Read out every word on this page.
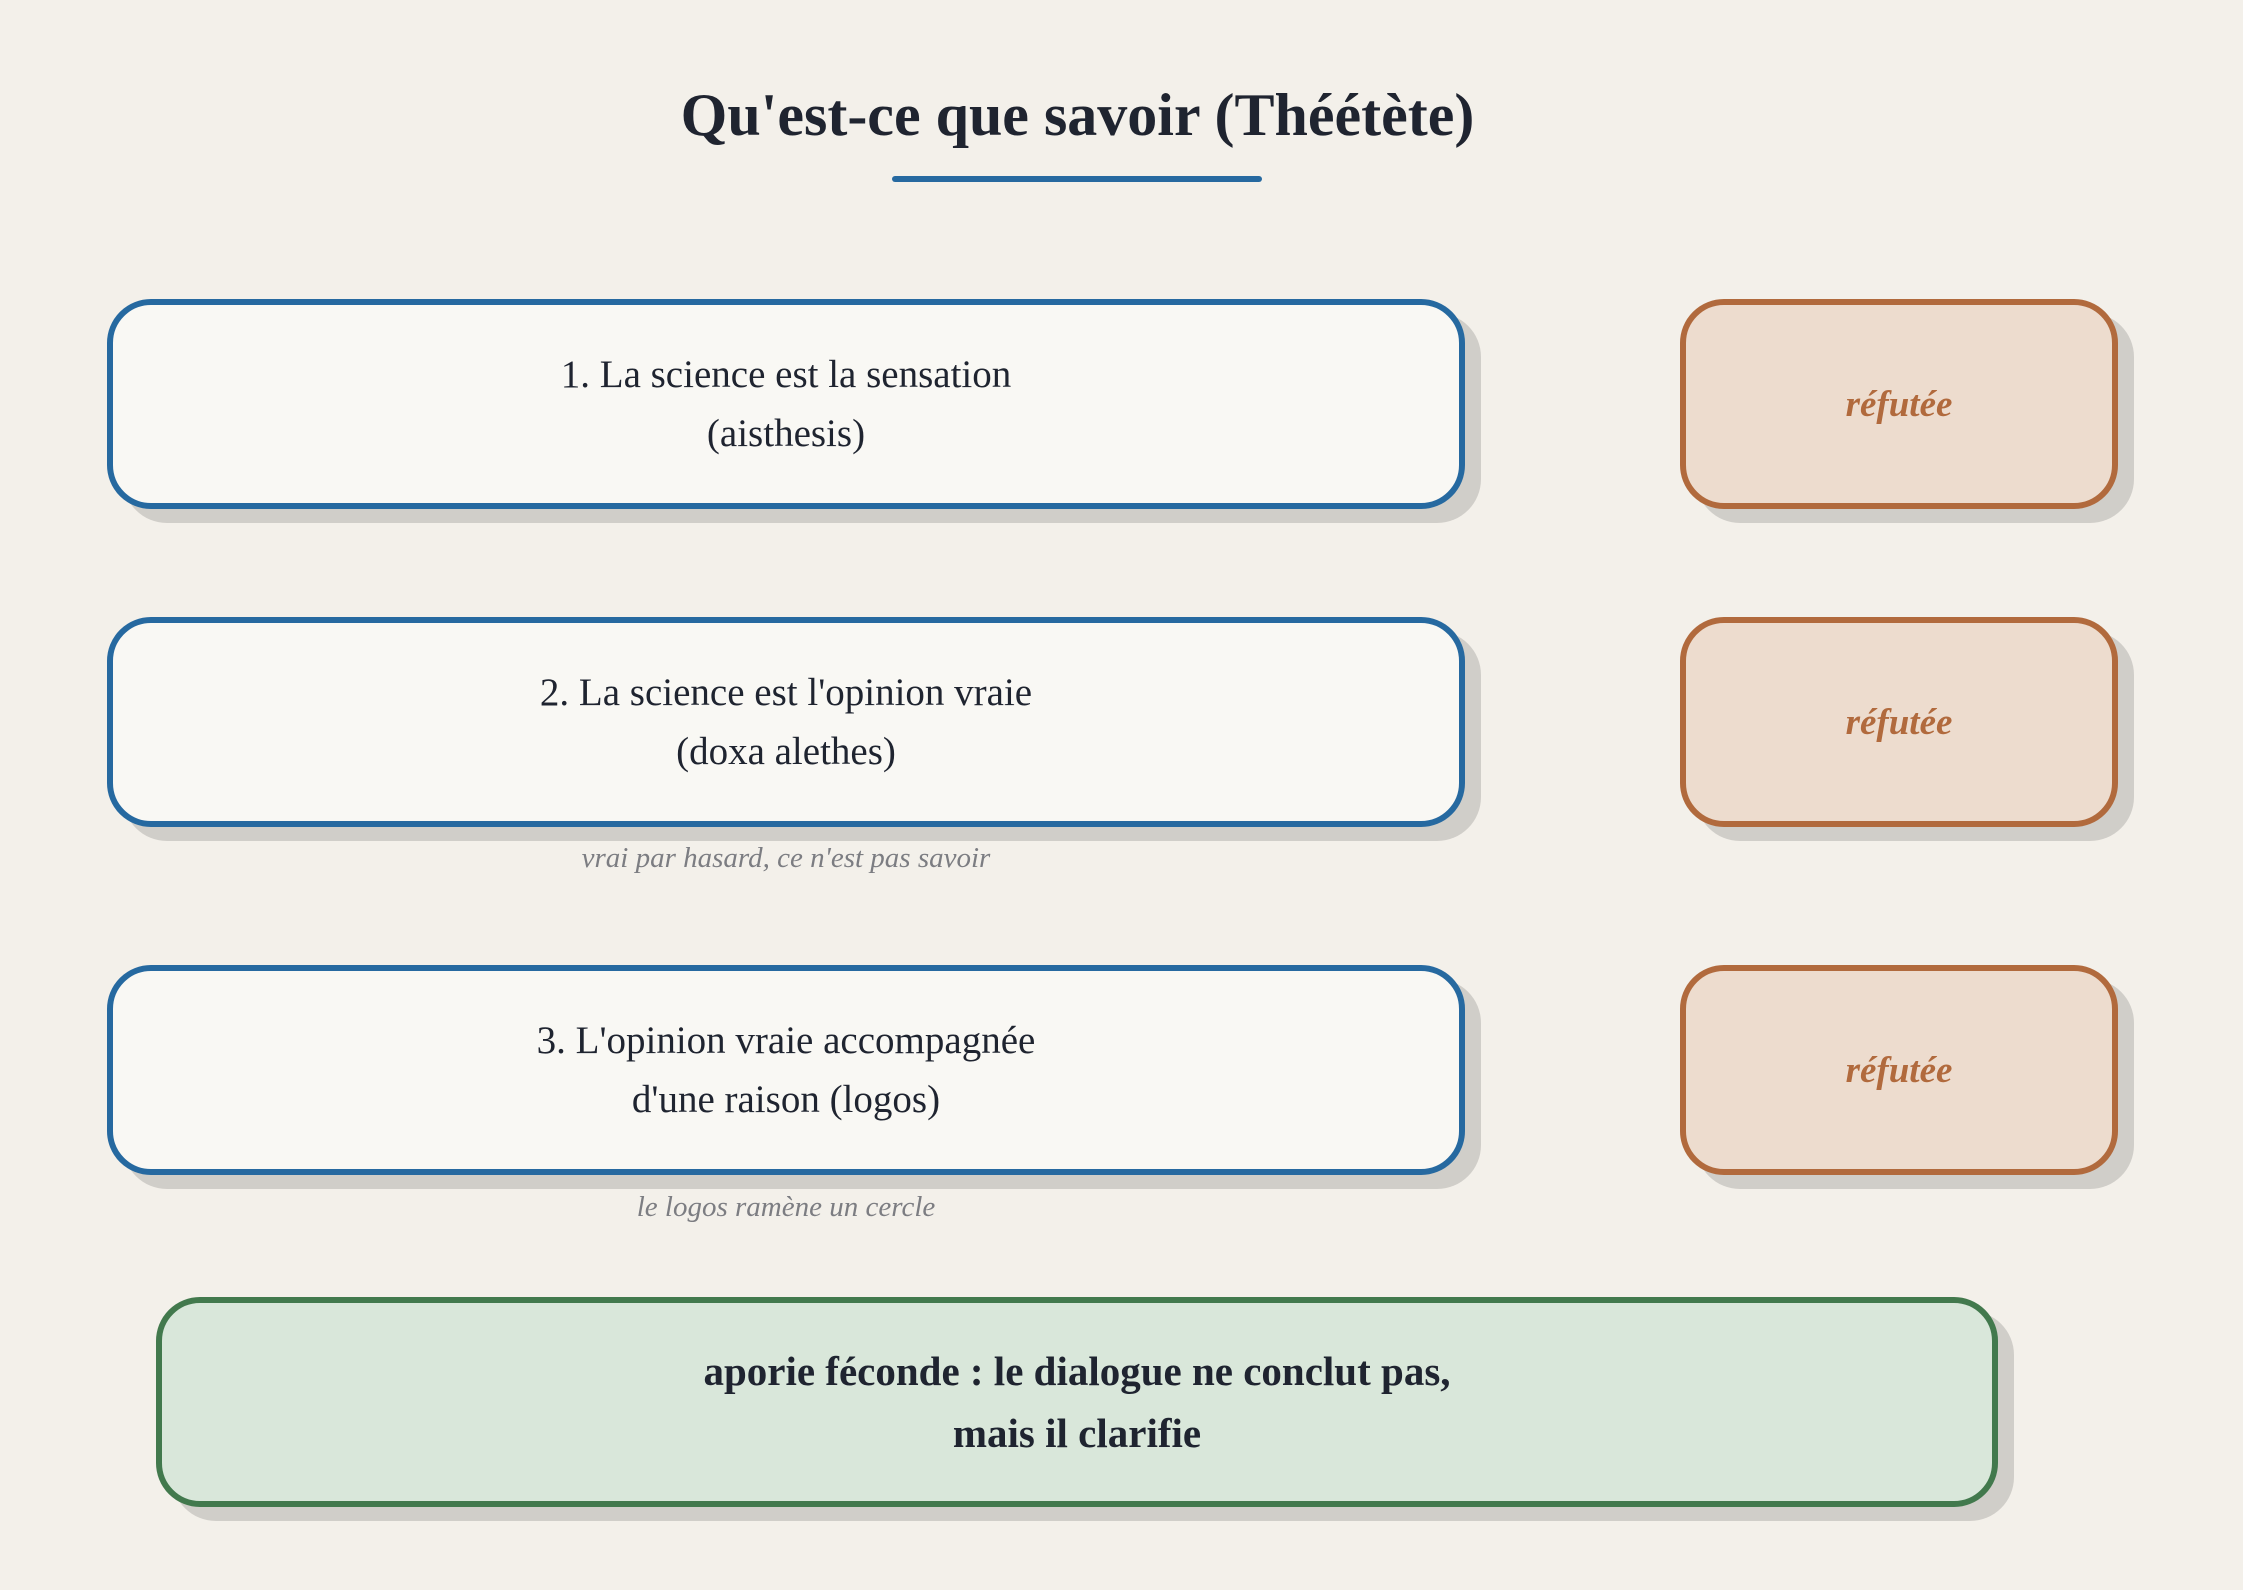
Qu'est-ce que savoir (Théétète)
1. La science est la sensation
(aisthesis)
réfutée
2. La science est l'opinion vraie
(doxa alethes)
réfutée
vrai par hasard, ce n'est pas savoir
3. L'opinion vraie accompagnée
d'une raison (logos)
réfutée
le logos ramène un cercle
aporie féconde : le dialogue ne conclut pas,
mais il clarifie
